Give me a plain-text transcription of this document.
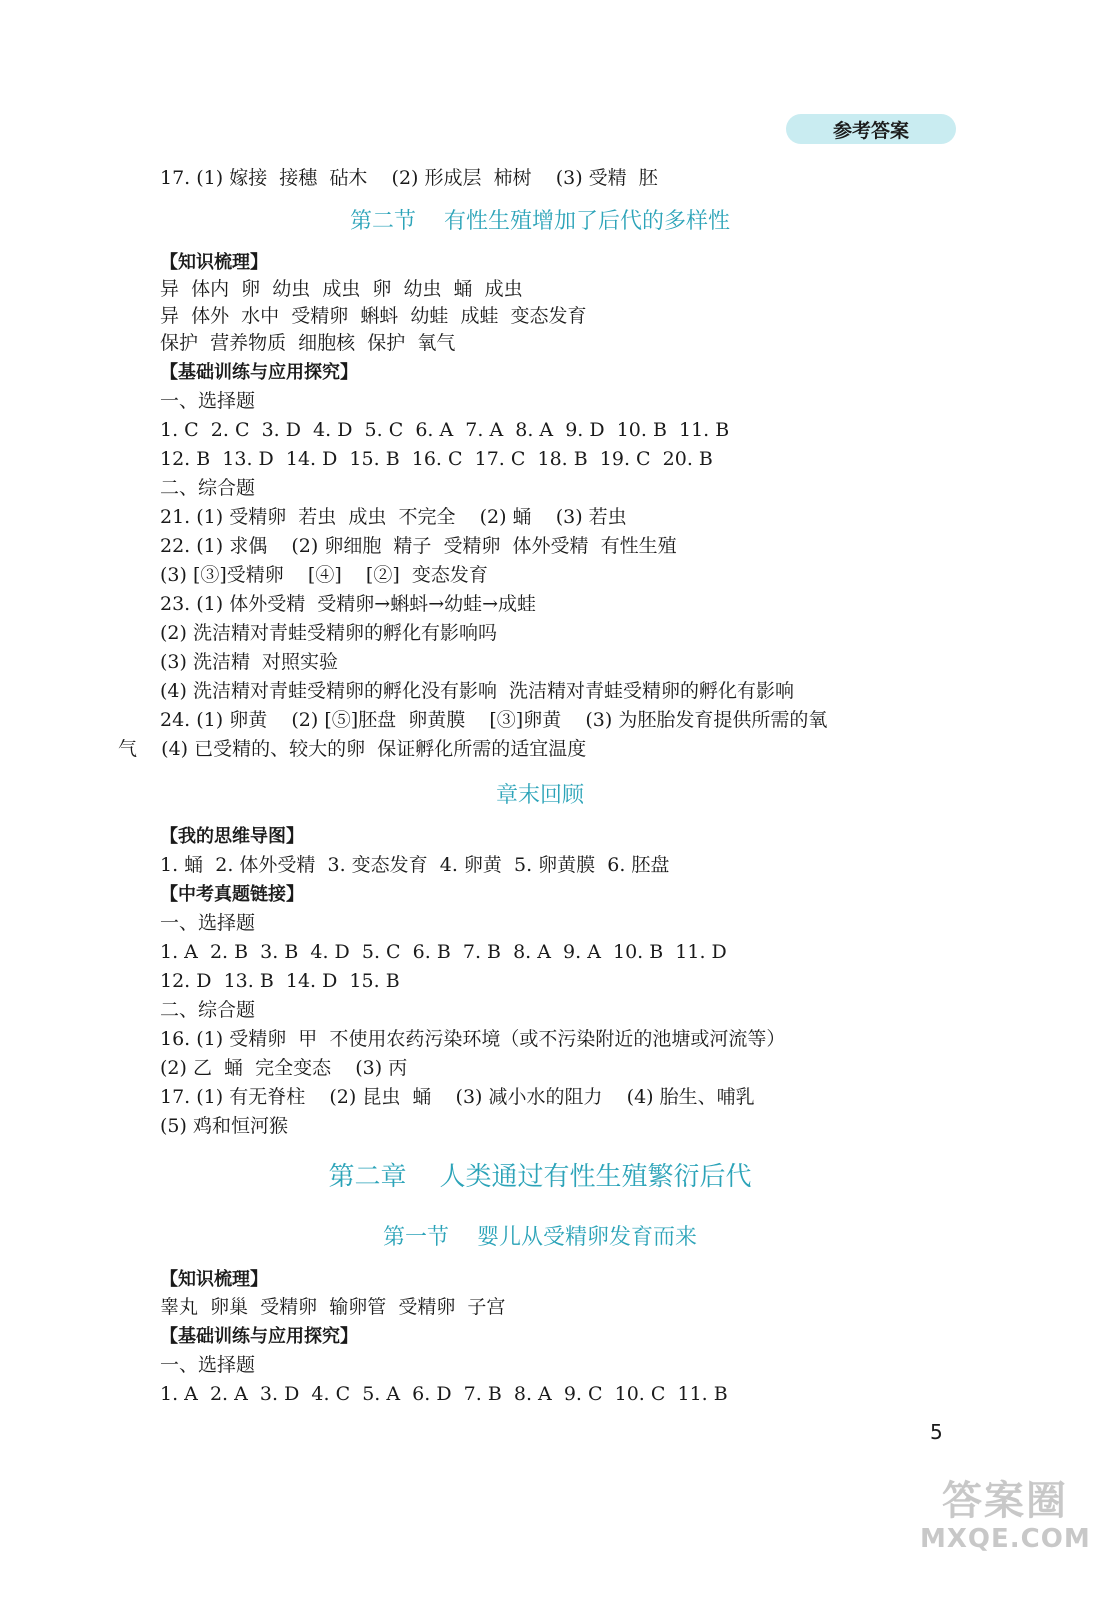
参考答案
17. (1) 嫁接  接穗  砧木    (2) 形成层  柿树    (3) 受精  胚
第二节    有性生殖增加了后代的多样性
【知识梳理】
异  体内  卵  幼虫  成虫  卵  幼虫  蛹  成虫
异  体外  水中  受精卵  蝌蚪  幼蛙  成蛙  变态发育
保护  营养物质  细胞核  保护  氧气
【基础训练与应用探究】
一、选择题
1. C  2. C  3. D  4. D  5. C  6. A  7. A  8. A  9. D  10. B  11. B
12. B  13. D  14. D  15. B  16. C  17. C  18. B  19. C  20. B
二、综合题
21. (1) 受精卵  若虫  成虫  不完全    (2) 蛹    (3) 若虫
22. (1) 求偶    (2) 卵细胞  精子  受精卵  体外受精  有性生殖
(3) [③]受精卵    [④]    [②]  变态发育
23. (1) 体外受精  受精卵→蝌蚪→幼蛙→成蛙
(2) 洗洁精对青蛙受精卵的孵化有影响吗
(3) 洗洁精  对照实验
(4) 洗洁精对青蛙受精卵的孵化没有影响  洗洁精对青蛙受精卵的孵化有影响
24. (1) 卵黄    (2) [⑤]胚盘  卵黄膜    [③]卵黄    (3) 为胚胎发育提供所需的氧
气    (4) 已受精的、较大的卵  保证孵化所需的适宜温度
章末回顾
【我的思维导图】
1. 蛹  2. 体外受精  3. 变态发育  4. 卵黄  5. 卵黄膜  6. 胚盘
【中考真题链接】
一、选择题
1. A  2. B  3. B  4. D  5. C  6. B  7. B  8. A  9. A  10. B  11. D
12. D  13. B  14. D  15. B
二、综合题
16. (1) 受精卵  甲  不使用农药污染环境（或不污染附近的池塘或河流等）
(2) 乙  蛹  完全变态    (3) 丙
17. (1) 有无脊柱    (2) 昆虫  蛹    (3) 减小水的阻力    (4) 胎生、哺乳
(5) 鸡和恒河猴
第二章    人类通过有性生殖繁衍后代
第一节    婴儿从受精卵发育而来
【知识梳理】
睾丸  卵巢  受精卵  输卵管  受精卵  子宫
【基础训练与应用探究】
一、选择题
1. A  2. A  3. D  4. C  5. A  6. D  7. B  8. A  9. C  10. C  11. B
5
答案圈
MXQE.COM
